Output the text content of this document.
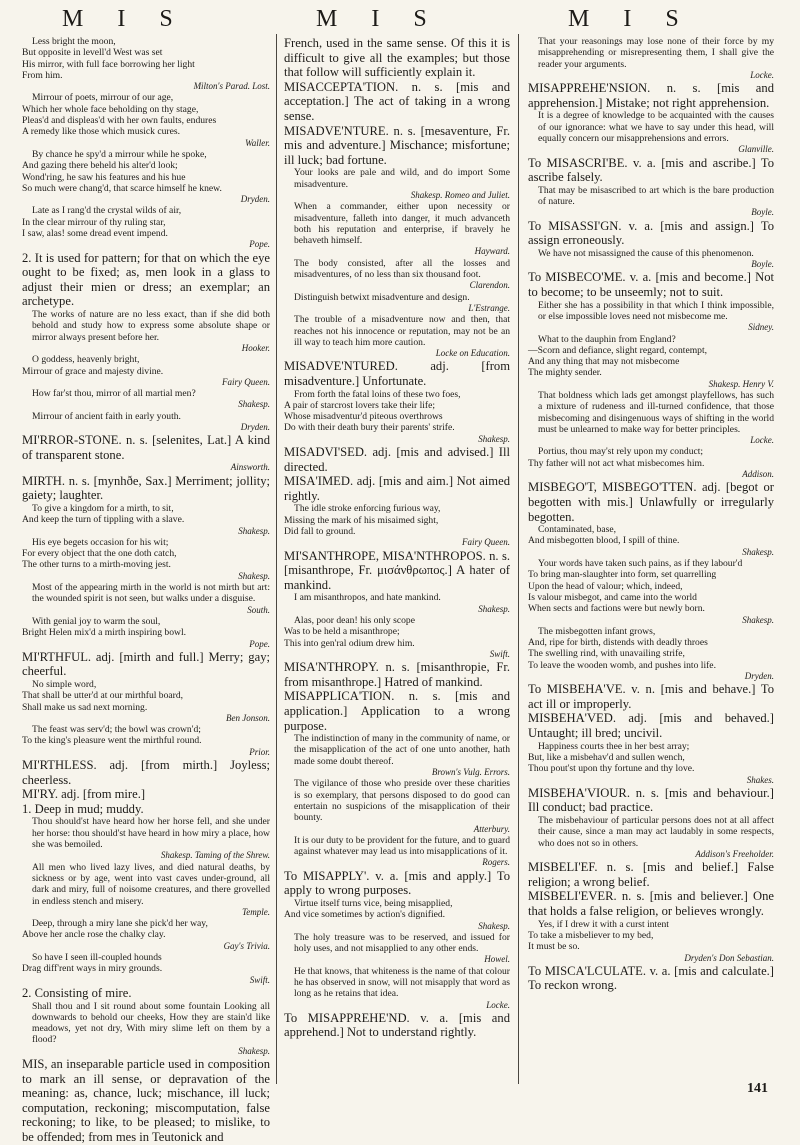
M I S	M I S	M I S

Less bright the moon,

But opposite in levell'd West was set

His mirror, with full face borrowing her light

From him.

Milton's Parad. Lost.

Mirrour of poets, mirrour of our age,

Which her whole face beholding on thy stage,

Pleas'd and displeas'd with her own faults, endures

A remedy like those which musick cures.

Waller.

By chance he spy'd a mirrour while he spoke,

And gazing there beheld his alter'd look;

Wond'ring, he saw his features and his hue

So much were chang'd, that scarce himself he knew.

Dryden.

Late as I rang'd the crystal wilds of air,

In the clear mirrour of thy ruling star,

I saw, alas! some dread event impend.

Pope.

2. It is used for pattern; for that on which the eye ought to be fixed; as, men look in a glass to adjust their mien or dress; an exemplar; an archetype.

The works of nature are no less exact, than if she did both behold and study how to express some absolute shape or mirror always present before her.

Hooker.

O goddess, heavenly bright,

Mirrour of grace and majesty divine.

Fairy Queen.

How far'st thou, mirror of all martial men?

Shakesp.

Mirrour of ancient faith in early youth.

Dryden.

MI'RROR-STONE. n. s. [selenites, Lat.] A kind of transparent stone.

Ainsworth.

MIRTH. n. s. [mynhðe, Sax.] Merriment; jollity; gaiety; laughter.

To give a kingdom for a mirth, to sit,

And keep the turn of tippling with a slave.

Shakesp.

His eye begets occasion for his wit;

For every object that the one doth catch,

The other turns to a mirth-moving jest.

Shakesp.

Most of the appearing mirth in the world is not mirth but art: the wounded spirit is not seen, but walks under a disguise.

South.

With genial joy to warm the soul,

Bright Helen mix'd a mirth inspiring bowl.

Pope.

MI'RTHFUL. adj. [mirth and full.] Merry; gay; cheerful.

No simple word,

That shall be utter'd at our mirthful board,

Shall make us sad next morning.

Ben Jonson.

The feast was serv'd; the bowl was crown'd;

To the king's pleasure went the mirthful round.

Prior.

MI'RTHLESS. adj. [from mirth.] Joyless; cheerless.

MI'RY. adj. [from mire.]

1. Deep in mud; muddy.

Thou should'st have heard how her horse fell, and she under her horse: thou should'st have heard in how miry a place, how she was bemoiled.

Shakesp. Taming of the Shrew.

All men who lived lazy lives, and died natural deaths, by sickness or by age, went into vast caves under-ground, all dark and miry, full of noisome creatures, and there grovelled in endless stench and misery.

Temple.

Deep, through a miry lane she pick'd her way,

Above her ancle rose the chalky clay.

Gay's Trivia.

So have I seen ill-coupled hounds

Drag diff'rent ways in miry grounds.

Swift.

2. Consisting of mire.

Shall thou and I sit round about some fountain Looking all downwards to behold our cheeks, How they are stain'd like meadows, yet not dry, With miry slime left on them by a flood?

Shakesp.

MIS, an inseparable particle used in composition to mark an ill sense, or depravation of the meaning: as, chance, luck; mischance, ill luck; computation, reckoning; miscomputation, false reckoning; to like, to be pleased; to mislike, to be offended; from mes in Teutonick and

French, used in the same sense. Of this it is difficult to give all the examples; but those that follow will sufficiently explain it.

MISACCEPTA'TION. n. s. [mis and acceptation.] The act of taking in a wrong sense.

MISADVE'NTURE. n. s. [mesaventure, Fr. mis and adventure.] Mischance; misfortune; ill luck; bad fortune.

Your looks are pale and wild, and do import Some misadventure.

Shakesp. Romeo and Juliet.

When a commander, either upon necessity or misadventure, falleth into danger, it much advanceth both his reputation and enterprise, if bravely he behaveth himself.

Hayward.

The body consisted, after all the losses and misadventures, of no less than six thousand foot.

Clarendon.

Distinguish betwixt misadventure and design.

L'Estrange.

The trouble of a misadventure now and then, that reaches not his innocence or reputation, may not be an ill way to teach him more caution.

Locke on Education.

MISADVE'NTURED. adj. [from misadventure.] Unfortunate.

From forth the fatal loins of these two foes,

A pair of starcrost lovers take their life;

Whose misadventur'd piteous overthrows

Do with their death bury their parents' strife.

Shakesp.

MISADVI'SED. adj. [mis and advised.] Ill directed.

MISA'IMED. adj. [mis and aim.] Not aimed rightly.

The idle stroke enforcing furious way,

Missing the mark of his misaimed sight,

Did fall to ground.

Fairy Queen.

MI'SANTHROPE, MISA'NTHROPOS. n. s. [misanthrope, Fr. μισάνθρωπος.] A hater of mankind.

I am misanthropos, and hate mankind.

Shakesp.

Alas, poor dean! his only scope

Was to be held a misanthrope;

This into gen'ral odium drew him.

Swift.

MISA'NTHROPY. n. s. [misanthropie, Fr. from misanthrope.] Hatred of mankind.

MISAPPLICA'TION. n. s. [mis and application.] Application to a wrong purpose.

The indistinction of many in the community of name, or the misapplication of the act of one unto another, hath made some doubt thereof.

Brown's Vulg. Errors.

The vigilance of those who preside over these charities is so exemplary, that persons disposed to do good can entertain no suspicions of the misapplication of their bounty.

Atterbury.

It is our duty to be provident for the future, and to guard against whatever may lead us into misapplications of it.

Rogers.

To MISAPPLY'. v. a. [mis and apply.] To apply to wrong purposes.

Virtue itself turns vice, being misapplied,

And vice sometimes by action's dignified.

Shakesp.

The holy treasure was to be reserved, and issued for holy uses, and not misapplied to any other ends.

Howel.

He that knows, that whiteness is the name of that colour he has observed in snow, will not misapply that word as long as he retains that idea.

Locke.

To MISAPPREHE'ND. v. a. [mis and apprehend.] Not to understand rightly.

That your reasonings may lose none of their force by my misapprehending or misrepresenting them, I shall give the reader your arguments.

Locke.

MISAPPREHE'NSION. n. s. [mis and apprehension.] Mistake; not right apprehension.

It is a degree of knowledge to be acquainted with the causes of our ignorance: what we have to say under this head, will equally concern our misapprehensions and errors.

Glanville.

To MISASCRI'BE. v. a. [mis and ascribe.] To ascribe falsely.

That may be misascribed to art which is the bare production of nature.

Boyle.

To MISASSI'GN. v. a. [mis and assign.] To assign erroneously.

We have not misassigned the cause of this phenomenon.

Boyle.

To MISBECO'ME. v. a. [mis and become.] Not to become; to be unseemly; not to suit.

Either she has a possibility in that which I think impossible, or else impossible loves need not misbecome me.

Sidney.

What to the dauphin from England?

—Scorn and defiance, slight regard, contempt,

And any thing that may not misbecome

The mighty sender.

Shakesp. Henry V.

That boldness which lads get amongst playfellows, has such a mixture of rudeness and ill-turned confidence, that those misbecoming and disingenuous ways of shifting in the world must be unlearned to make way for better principles.

Locke.

Portius, thou may'st rely upon my conduct;

Thy father will not act what misbecomes him.

Addison.

MISBEGO'T, MISBEGO'TTEN. adj. [begot or begotten with mis.] Unlawfully or irregularly begotten.

Contaminated, base,

And misbegotten blood, I spill of thine.

Shakesp.

Your words have taken such pains, as if they labour'd

To bring man-slaughter into form, set quarrelling

Upon the head of valour; which, indeed,

Is valour misbegot, and came into the world

When sects and factions were but newly born.

Shakesp.

The misbegotten infant grows,

And, ripe for birth, distends with deadly throes

The swelling rind, with unavailing strife,

To leave the wooden womb, and pushes into life.

Dryden.

To MISBEHA'VE. v. n. [mis and behave.] To act ill or improperly.

MISBEHA'VED. adj. [mis and behaved.] Untaught; ill bred; uncivil.

Happiness courts thee in her best array;

But, like a misbehav'd and sullen wench,

Thou pout'st upon thy fortune and thy love.

Shakes.

MISBEHA'VIOUR. n. s. [mis and behaviour.] Ill conduct; bad practice.

The misbehaviour of particular persons does not at all affect their cause, since a man may act laudably in some respects, who does not so in others.

Addison's Freeholder.

MISBELI'EF. n. s. [mis and belief.] False religion; a wrong belief.

MISBELI'EVER. n. s. [mis and believer.] One that holds a false religion, or believes wrongly.

Yes, if I drew it with a curst intent

To take a misbeliever to my bed,

It must be so.

Dryden's Don Sebastian.

To MISCA'LCULATE. v. a. [mis and calculate.] To reckon wrong.

141
